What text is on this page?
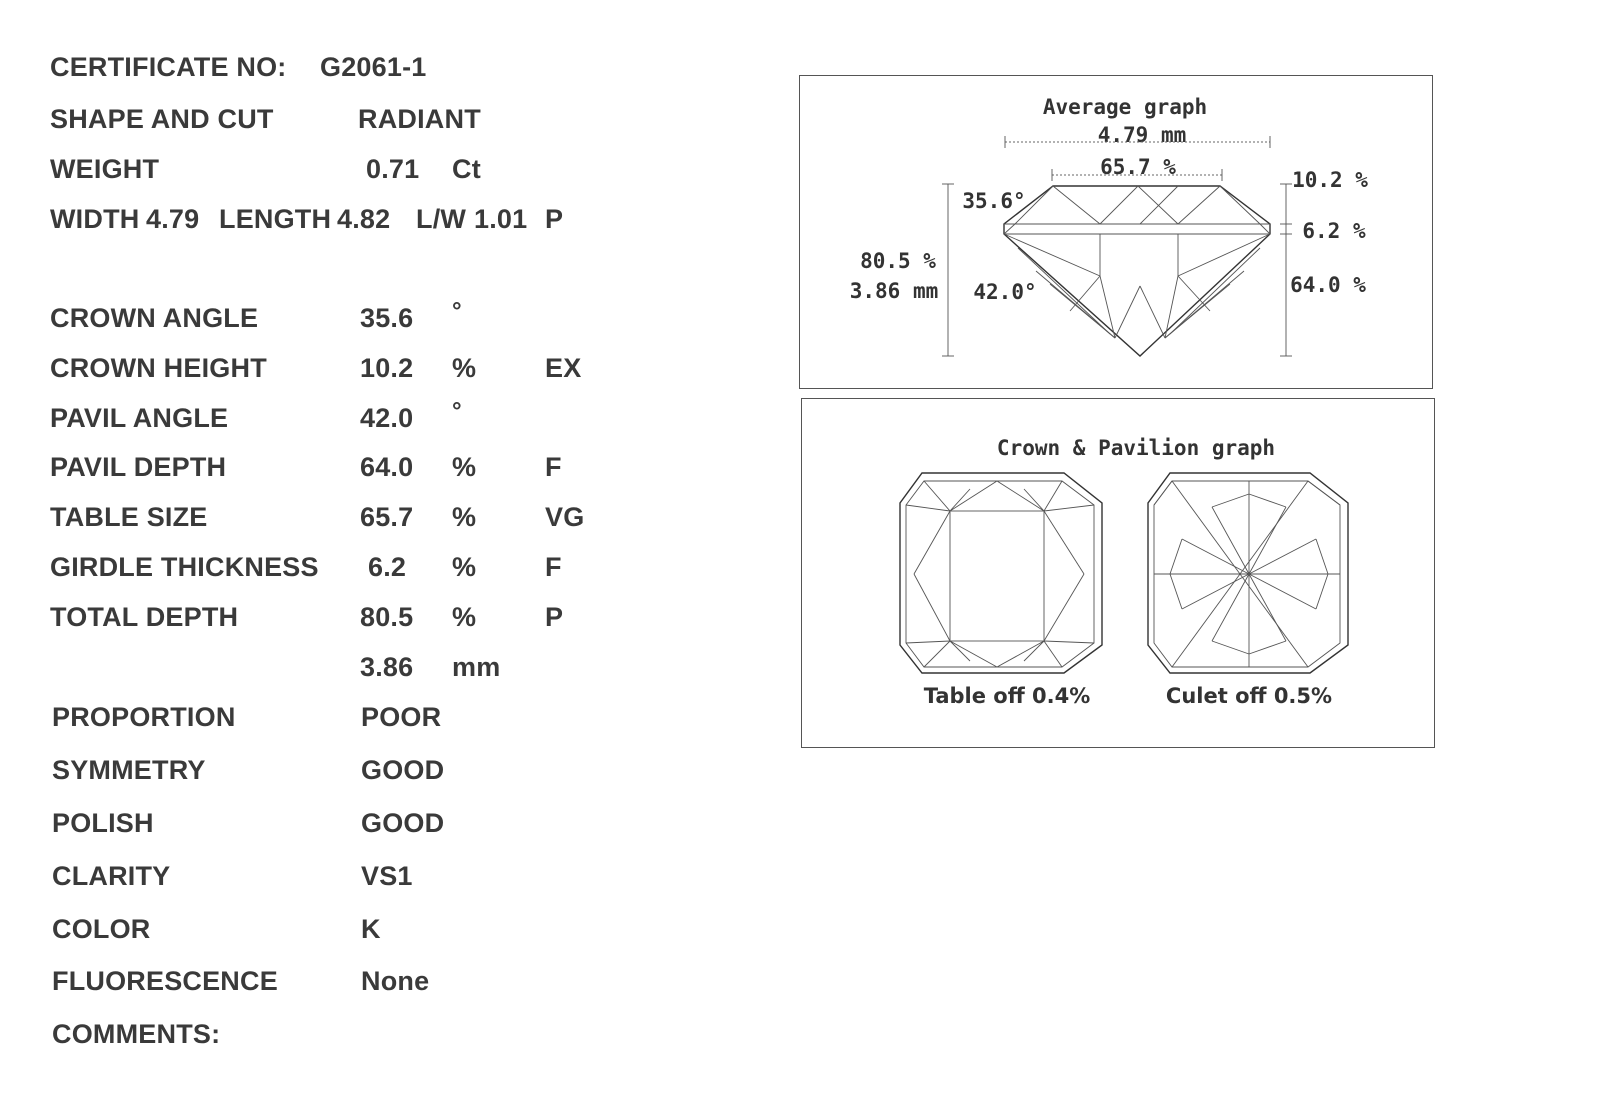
CERTIFICATE NO: G2061-1
SHAPE AND CUT	RADIANT
WEIGHT	0.71 Ct
WIDTH 4.79 LENGTH 4.82 L/W 1.01 P
CROWN ANGLE	35.6 °
CROWN HEIGHT	10.2 %	EX
PAVIL ANGLE	42.0 °
PAVIL DEPTH	64.0 %	F
TABLE SIZE	65.7 %	VG
GIRDLE THICKNESS 6.2 %	F
TOTAL DEPTH	80.5 %	P
3.86 mm
PROPORTION	POOR
SYMMETRY	GOOD
POLISH	GOOD
CLARITY	VS1
COLOR	K
FLUORESCENCE	None
COMMENTS:
Average graph
4.79 mm
65.7 %
80.5 %
3.86 mm
10.2 %
6.2 %
64.0 %
35.6°
42.0°
Crown & Pavilion graph
Table off 0.4%	Culet off 0.5%
